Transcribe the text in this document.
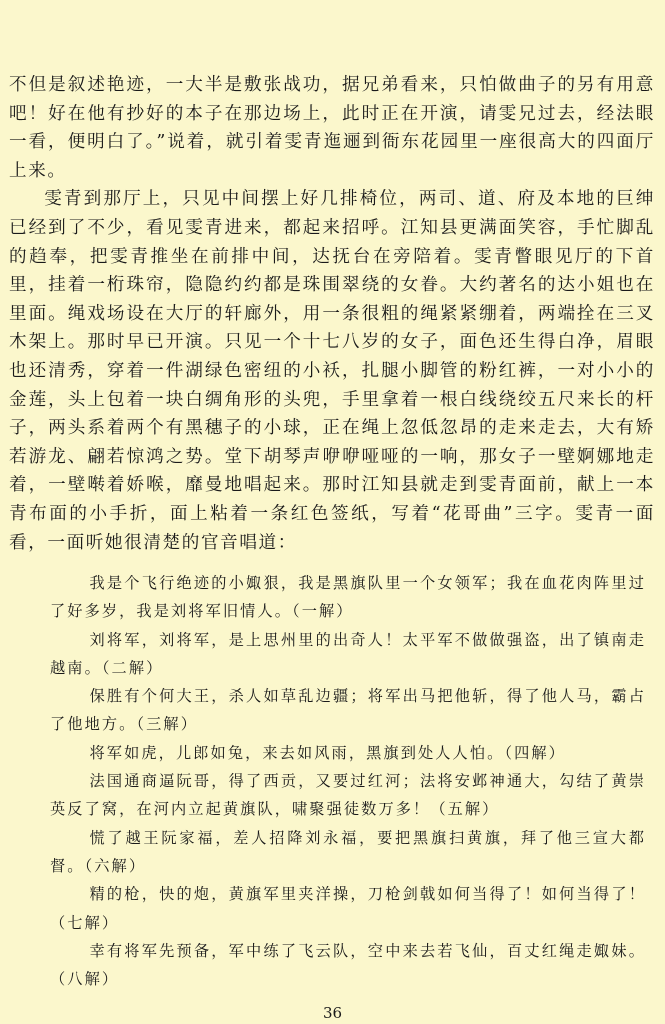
不但是叙述艳迹，一大半是敷张战功，据兄弟看来，只怕做曲子的另有用意吧！好在他有抄好的本子在那边场上，此时正在开演，请雯兄过去，经法眼一看，便明白了。”说着，就引着雯青迤逦到衙东花园里一座很高大的四面厅上来。

雯青到那厅上，只见中间摆上好几排椅位，两司、道、府及本地的巨绅已经到了不少，看见雯青进来，都起来招呼。江知县更满面笑容，手忙脚乱的趋奉，把雯青推坐在前排中间，达抚台在旁陪着。雯青瞥眼见厅的下首里，挂着一桁珠帘，隐隐约约都是珠围翠绕的女眷。大约著名的达小姐也在里面。绳戏场设在大厅的轩廊外，用一条很粗的绳紧紧绷着，两端拴在三叉木架上。那时早已开演。只见一个十七八岁的女子，面色还生得白净，眉眼也还清秀，穿着一件湖绿色密纽的小袄，扎腿小脚管的粉红裤，一对小小的金莲，头上包着一块白绸角形的头兜，手里拿着一根白线绕绞五尺来长的杆子，两头系着两个有黑穗子的小球，正在绳上忽低忽昂的走来走去，大有矫若游龙、翩若惊鸿之势。堂下胡琴声咿咿哑哑的一响，那女子一壁婀娜地走着，一壁啭着娇喉，靡曼地唱起来。那时江知县就走到雯青面前，献上一本青布面的小手折，面上粘着一条红色签纸，写着“花哥曲”三字。雯青一面看，一面听她很清楚的官音唱道：

我是个飞行绝迹的小娵狠，我是黑旗队里一个女领军；我在血花肉阵里过了好多岁，我是刘将军旧情人。（一解）

刘将军，刘将军，是上思州里的出奇人！太平军不做做强盗，出了镇南走越南。（二解）

保胜有个何大王，杀人如草乱边疆；将军出马把他斩，得了他人马，霸占了他地方。（三解）

将军如虎，儿郎如兔，来去如风雨，黑旗到处人人怕。（四解）

法国通商逼阮哥，得了西贡，又要过红河；法将安邺神通大，勾结了黄崇英反了窝，在河内立起黄旗队，啸聚强徒数万多！（五解）

慌了越王阮家福，差人招降刘永福，要把黑旗扫黄旗，拜了他三宣大都督。（六解）

精的枪，快的炮，黄旗军里夹洋操，刀枪剑戟如何当得了！如何当得了！（七解）

幸有将军先预备，军中练了飞云队，空中来去若飞仙，百丈红绳走娵妹。（八解）

36
